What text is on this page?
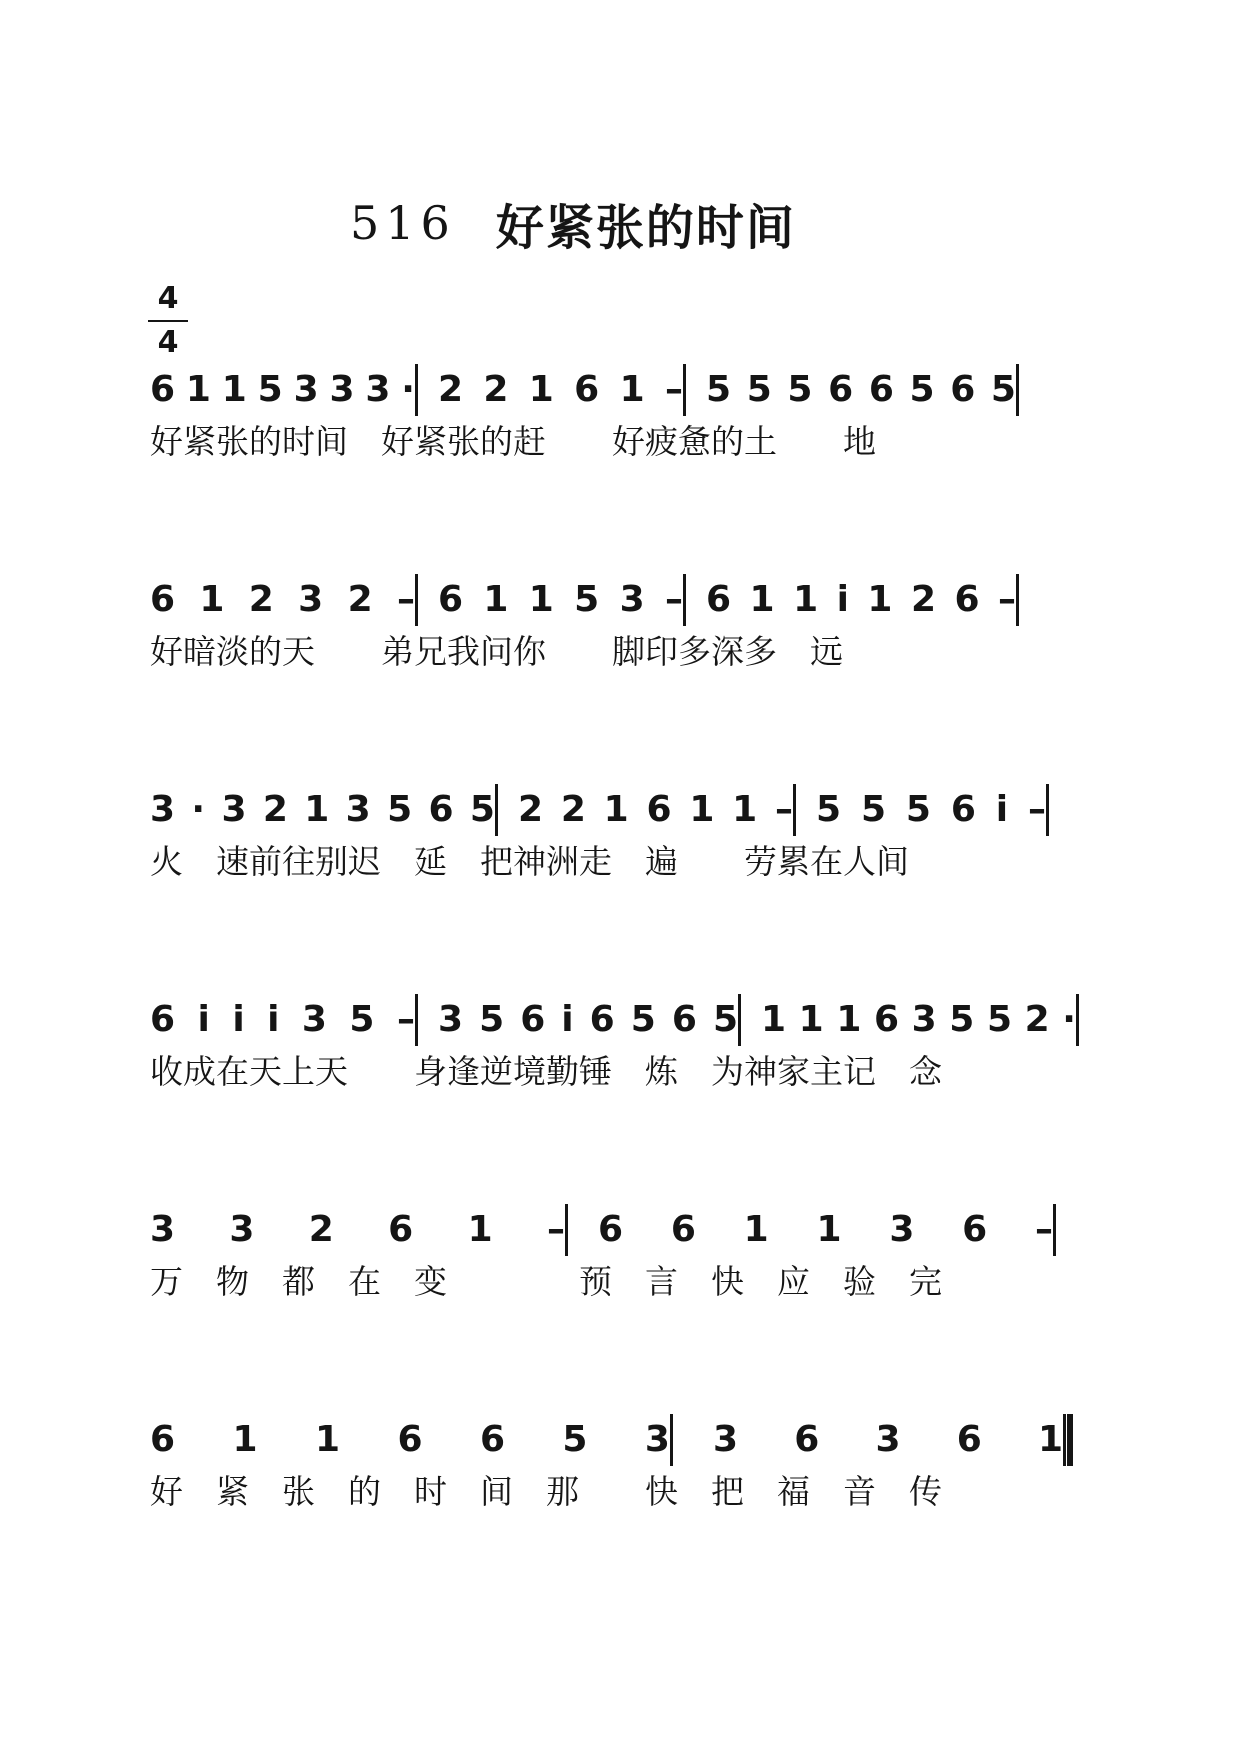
516 好紧张的时间
4
4
6 1 1 5 3 3 3 · 2 2 1 6 1 – 5 5 5 6 6 5 6 5
好紧张的时间　好紧张的赶　　好疲惫的土　　地
6 1 2 3 2 – 6 1 1 5 3 – 6 1 1 i 1 2 6 –
好暗淡的天　　弟兄我问你　　脚印多深多　远
3 · 3 2 1 3 5 6 5 2 2 1 6 1 1 – 5 5 5 6 i –
火　速前往别迟　延　把神洲走　遍　　劳累在人间
6 i i i 3 5 – 3 5 6 i 6 5 6 5 1 1 1 6 3 5 5 2 ·
收成在天上天　　身逢逆境勤锤　炼　为神家主记　念
3 3 2 6 1 – 6 6 1 1 3 6 –
万　物　都　在　变　　　　预　言　快　应　验　完
6 1 1 6 6 5 3 3 6 3 6 1
好　紧　张　的　时　间　那　　快　把　福　音　传
